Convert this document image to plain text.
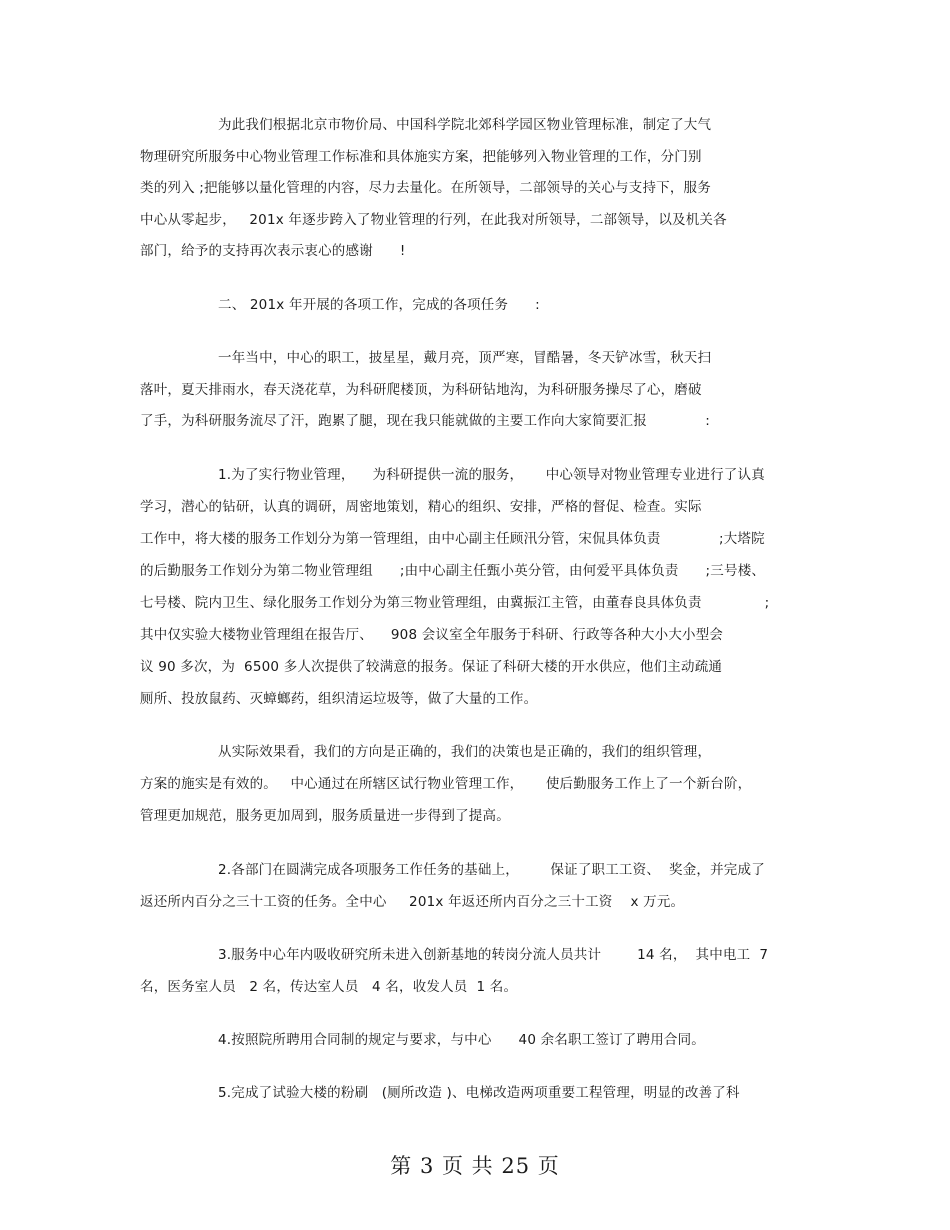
为此我们根据北京市物价局、中国科学院北郊科学园区物业管理标准，制定了大气
物理研究所服务中心物业管理工作标准和具体施实方案，把能够列入物业管理的工作，分门别
类的列入 ;把能够以量化管理的内容，尽力去量化。在所领导，二部领导的关心与支持下，服务
中心从零起步，   201x 年逐步跨入了物业管理的行列，在此我对所领导，二部领导，以及机关各
部门，给予的支持再次表示衷心的感谢      !
二、 201x 年开展的各项工作，完成的各项任务      :
一年当中，中心的职工，披星星，戴月亮，顶严寒，冒酷暑，冬天铲冰雪，秋天扫
落叶，夏天排雨水，春天浇花草，为科研爬楼顶，为科研钻地沟，为科研服务操尽了心，磨破
了手，为科研服务流尽了汗，跑累了腿，现在我只能就做的主要工作向大家简要汇报             :
1.为了实行物业管理，    为科研提供一流的服务，     中心领导对物业管理专业进行了认真
学习，潜心的钻研，认真的调研，周密地策划，精心的组织、安排，严格的督促、检查。实际
工作中，将大楼的服务工作划分为第一管理组，由中心副主任顾汛分管，宋侃具体负责             ;大塔院
的后勤服务工作划分为第二物业管理组      ;由中心副主任甄小英分管，由何爱平具体负责      ;三号楼、
七号楼、院内卫生、绿化服务工作划分为第三物业管理组，由冀振江主管，由董春良具体负责              ;
其中仅实验大楼物业管理组在报告厅、    908 会议室全年服务于科研、行政等各种大小大小型会
议 90 多次，为  6500 多人次提供了较满意的报务。保证了科研大楼的开水供应，他们主动疏通
厕所、投放鼠药、灭蟑螂药，组织清运垃圾等，做了大量的工作。
从实际效果看，我们的方向是正确的，我们的决策也是正确的，我们的组织管理，
方案的施实是有效的。   中心通过在所辖区试行物业管理工作，     使后勤服务工作上了一个新台阶，
管理更加规范，服务更加周到，服务质量进一步得到了提高。
2.各部门在圆满完成各项服务工作任务的基础上，       保证了职工工资、  奖金，并完成了
返还所内百分之三十工资的任务。全中心     201x 年返还所内百分之三十工资    x 万元。
3.服务中心年内吸收研究所未进入创新基地的转岗分流人员共计        14 名，  其中电工  7
名，医务室人员   2 名，传达室人员   4 名，收发人员  1 名。
4.按照院所聘用合同制的规定与要求，与中心      40 余名职工签订了聘用合同。
5.完成了试验大楼的粉刷   (厕所改造 )、电梯改造两项重要工程管理，明显的改善了科
第 3 页 共 25 页
